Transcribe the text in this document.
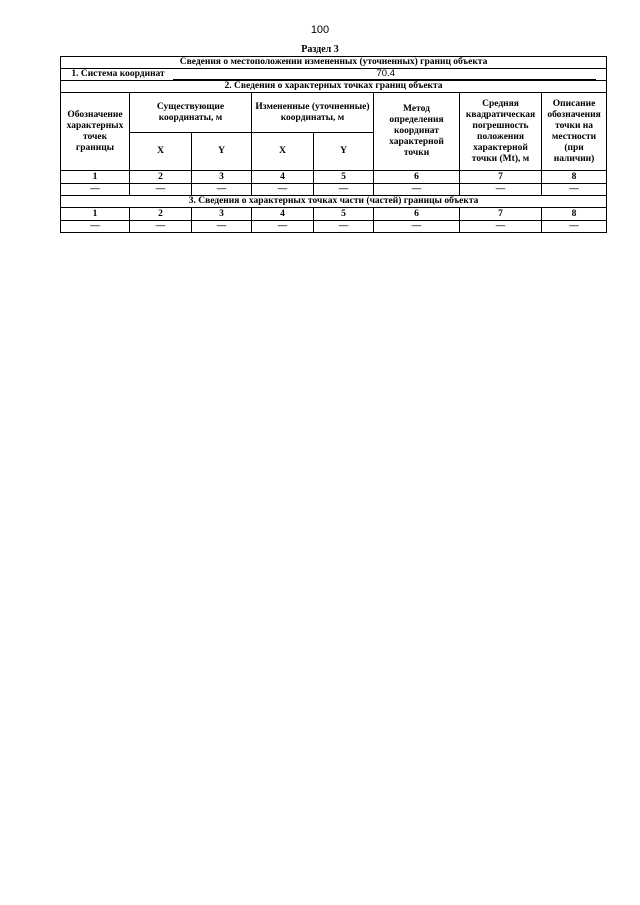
100
Раздел 3
Сведения о местоположении измененных (уточненных) границ объекта							
1. Система координат 70.4							
2. Сведения о характерных точках границ объекта							
Обозначение характерных точек границы	Существующие координаты, м		Измененные (уточненные) координаты, м		Метод определения координат характерной точки	Средняя квадратическая погрешность положения характерной точки (Mt), м	Описание обозначения точки на местности (при наличии)
	X	Y	X	Y			
1	2	3	4	5	6	7	8
—	—	—	—	—	—	—	—
3. Сведения о характерных точках части (частей) границы объекта							
1	2	3	4	5	6	7	8
—	—	—	—	—	—	—	—
